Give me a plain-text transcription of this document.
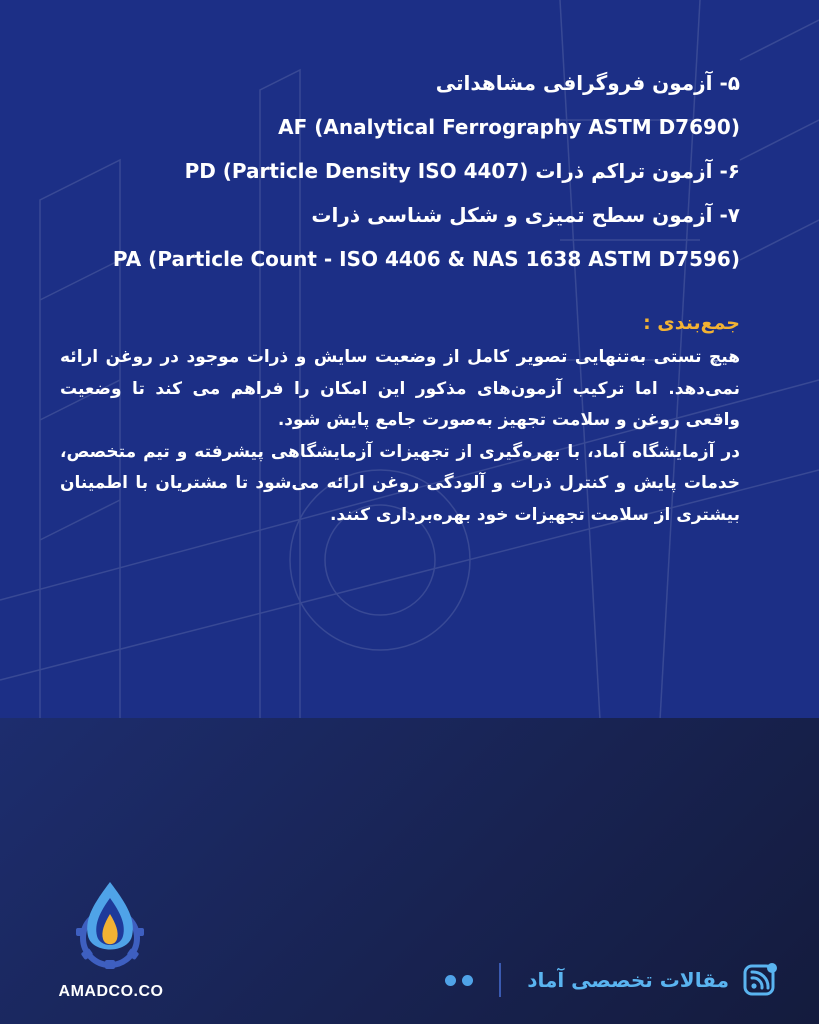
۵- آزمون فروگرافی مشاهداتی
AF (Analytical Ferrography ASTM D7690)
۶- آزمون تراکم ذرات (PD (Particle Density ISO 4407
۷- آزمون سطح تمیزی و شکل شناسی ذرات
PA (Particle Count - ISO 4406 & NAS 1638 ASTM D7596)
جمع‌بندی :
هیچ تستی به‌تنهایی تصویر کامل از وضعیت سایش و ذرات موجود در روغن ارائه نمی‌دهد. اما ترکیب آزمون‌های مذکور این امکان را فراهم می کند تا وضعیت واقعی روغن و سلامت تجهیز به‌صورت جامع پایش شود.
در آزمایشگاه آماد، با بهره‌گیری از تجهیزات آزمایشگاهی پیشرفته و تیم متخصص، خدمات پایش و کنترل ذرات و آلودگی روغن ارائه می‌شود تا مشتریان با اطمینان بیشتری از سلامت تجهیزات خود بهره‌برداری کنند.
AMADCO.CO	مقالات تخصصی آماد
